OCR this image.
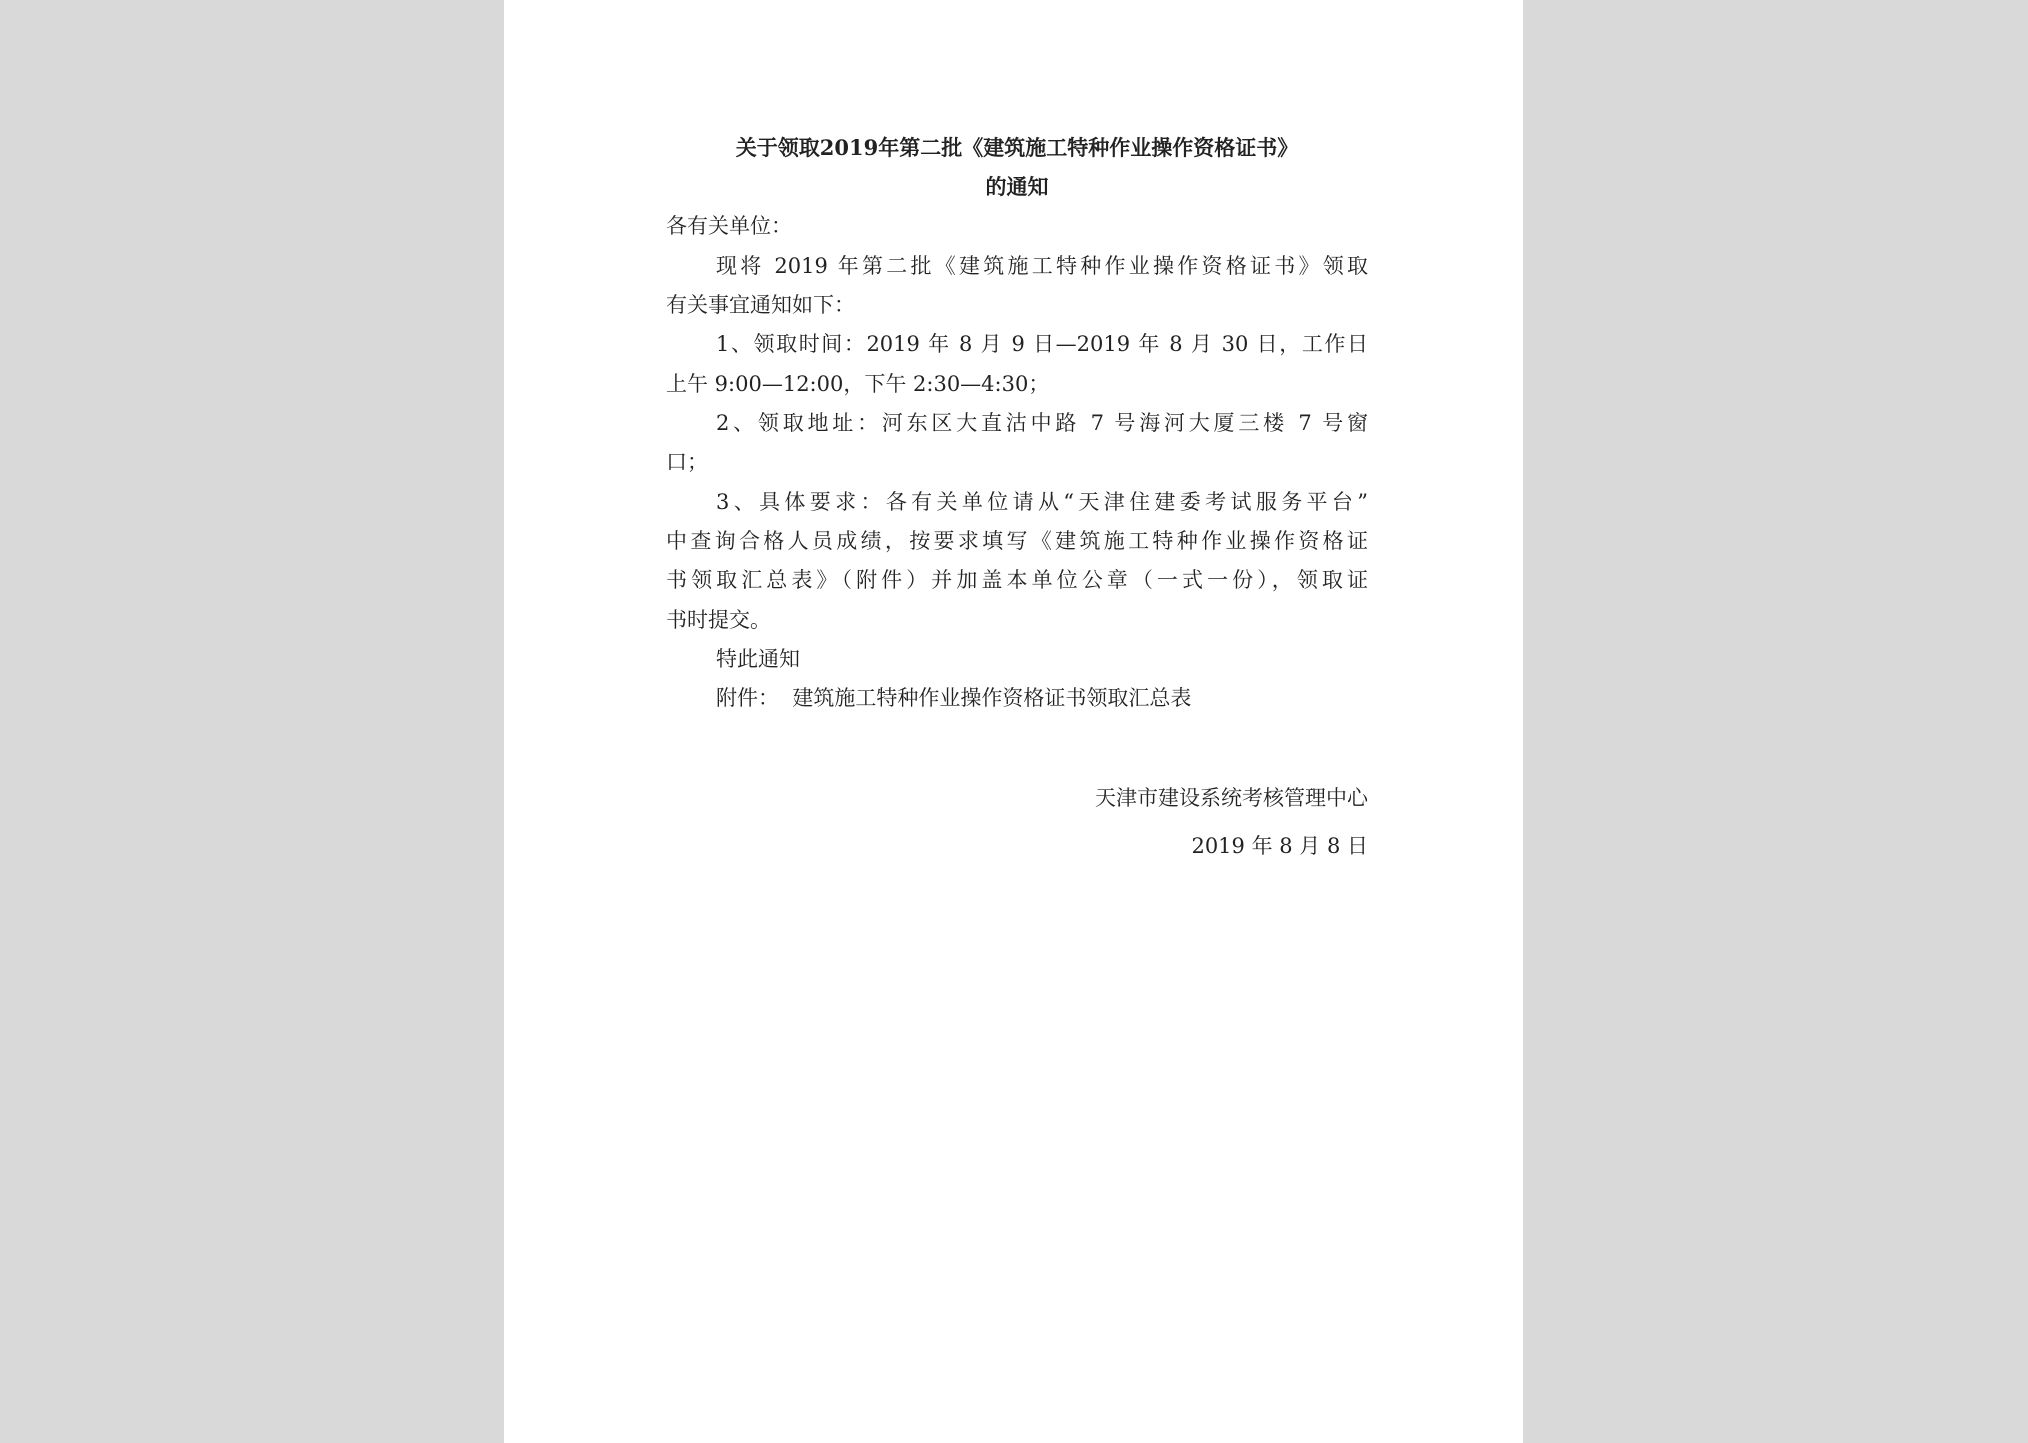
关于领取2019年第二批《建筑施工特种作业操作资格证书》
的通知
各有关单位：
现将 2019 年第二批《建筑施工特种作业操作资格证书》领取
有关事宜通知如下：
1、领取时间：2019 年 8 月 9 日—2019 年 8 月 30 日，工作日
上午 9:00—12:00，下午 2:30—4:30；
2、领取地址：河东区大直沽中路 7 号海河大厦三楼 7 号窗
口；
3、具体要求：各有关单位请从“天津住建委考试服务平台”
中查询合格人员成绩，按要求填写《建筑施工特种作业操作资格证
书领取汇总表》（附件）并加盖本单位公章（一式一份），领取证
书时提交。
特此通知
附件：  建筑施工特种作业操作资格证书领取汇总表
天津市建设系统考核管理中心
2019 年 8 月 8 日
